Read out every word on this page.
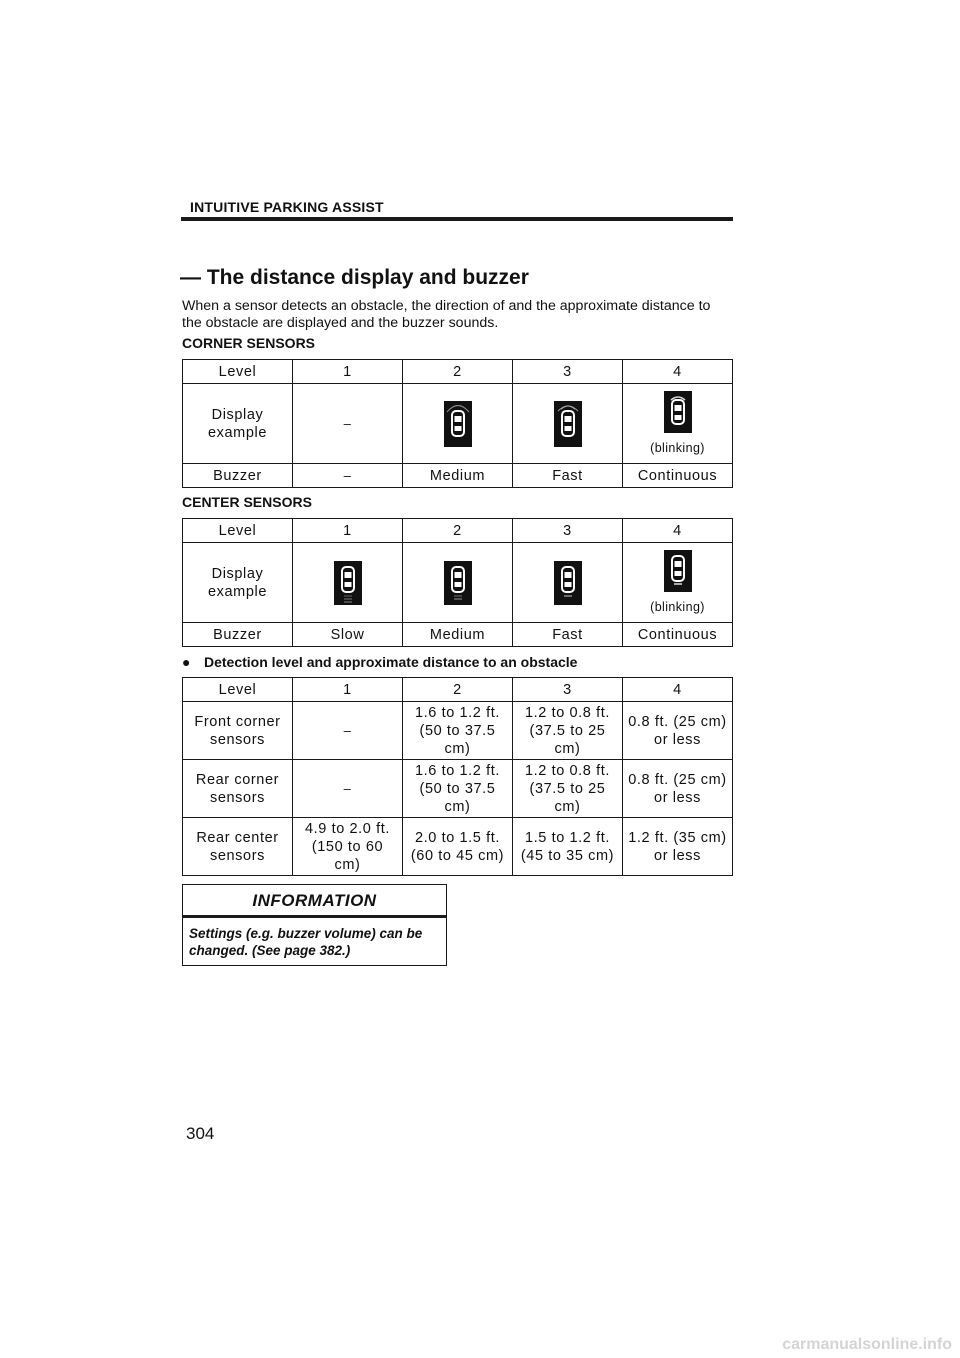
INTUITIVE PARKING ASSIST
— The distance display and buzzer
When a sensor detects an obstacle, the direction of and the approximate distance to the obstacle are displayed and the buzzer sounds.
CORNER SENSORS
Level	1	2	3	4
Display example	–			(blinking)

Buzzer	–	Medium	Fast	Continuous
CENTER SENSORS
Level	1	2	3	4
Display example				(blinking)

Buzzer	Slow	Medium	Fast	Continuous
● Detection level and approximate distance to an obstacle
Level	1	2	3	4
Front corner sensors	–	1.6 to 1.2 ft. (50 to 37.5 cm)	1.2 to 0.8 ft. (37.5 to 25 cm)	0.8 ft. (25 cm) or less
Rear corner sensors	–	1.6 to 1.2 ft. (50 to 37.5 cm)	1.2 to 0.8 ft. (37.5 to 25 cm)	0.8 ft. (25 cm) or less
Rear center sensors	4.9 to 2.0 ft. (150 to 60 cm)	2.0 to 1.5 ft. (60 to 45 cm)	1.5 to 1.2 ft. (45 to 35 cm)	1.2 ft. (35 cm) or less
INFORMATION
Settings (e.g. buzzer volume) can be changed. (See page 382.)
304
carmanualsonline.info
